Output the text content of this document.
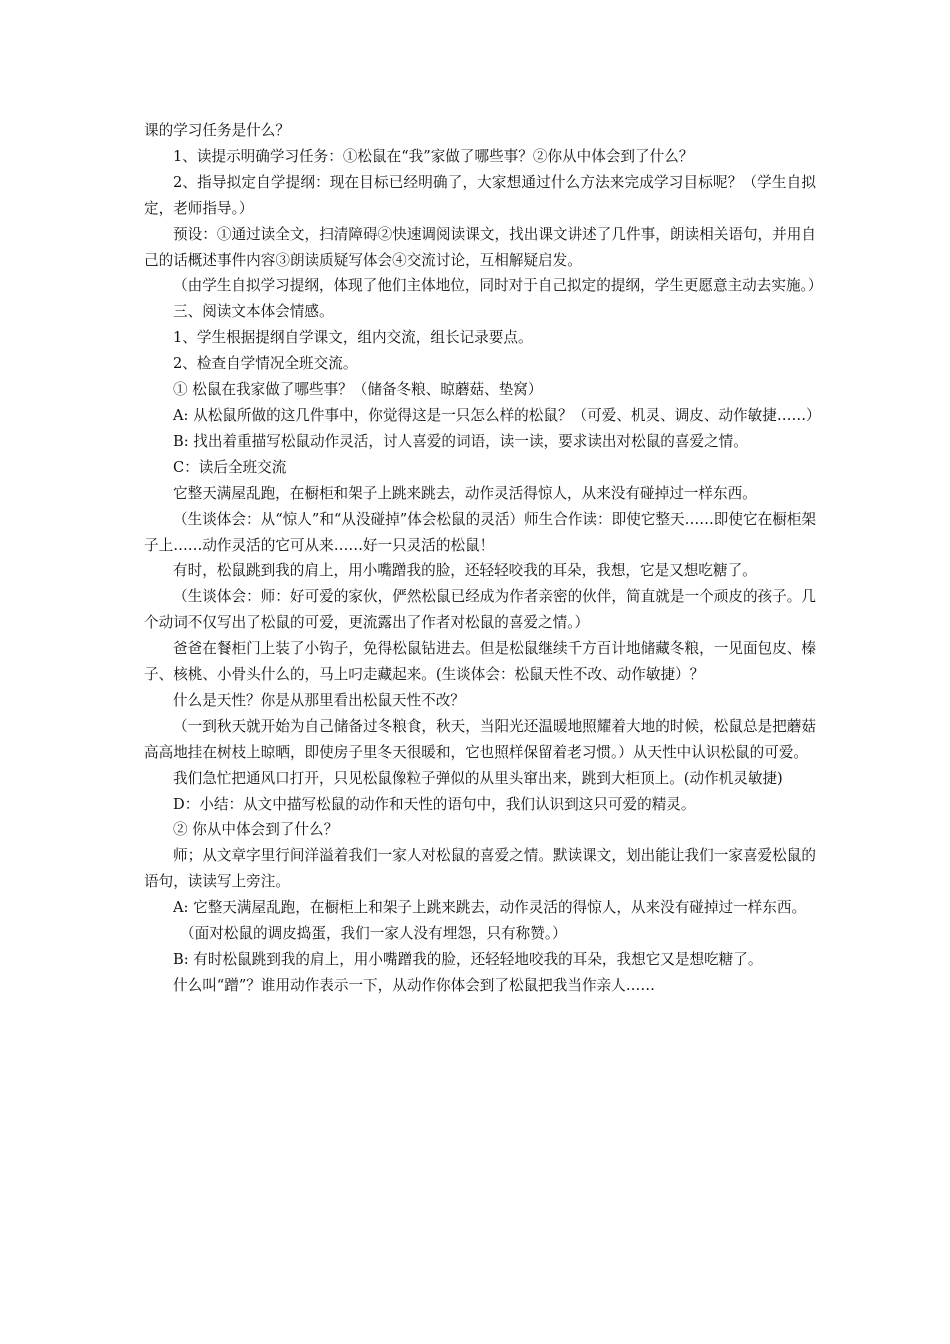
课的学习任务是什么？

1、读提示明确学习任务：①松鼠在“我”家做了哪些事？②你从中体会到了什么？

2、指导拟定自学提纲：现在目标已经明确了，大家想通过什么方法来完成学习目标呢？（学生自拟定，老师指导。）

预设：①通过读全文，扫清障碍②快速调阅读课文，找出课文讲述了几件事，朗读相关语句，并用自己的话概述事件内容③朗读质疑写体会④交流讨论，互相解疑启发。

（由学生自拟学习提纲，体现了他们主体地位，同时对于自己拟定的提纲，学生更愿意主动去实施。）

三、阅读文本体会情感。

1、学生根据提纲自学课文，组内交流，组长记录要点。

2、检查自学情况全班交流。

① 松鼠在我家做了哪些事？（储备冬粮、晾蘑菇、垫窝）

A: 从松鼠所做的这几件事中，你觉得这是一只怎么样的松鼠？（可爱、机灵、调皮、动作敏捷……）

B: 找出着重描写松鼠动作灵活，讨人喜爱的词语，读一读，要求读出对松鼠的喜爱之情。

C：读后全班交流

它整天满屋乱跑，在橱柜和架子上跳来跳去，动作灵活得惊人，从来没有碰掉过一样东西。

（生谈体会：从“惊人”和“从没碰掉”体会松鼠的灵活）师生合作读：即使它整天……即使它在橱柜架子上……动作灵活的它可从来……好一只灵活的松鼠！

有时，松鼠跳到我的肩上，用小嘴蹭我的脸，还轻轻咬我的耳朵，我想，它是又想吃糖了。

（生谈体会：师：好可爱的家伙，俨然松鼠已经成为作者亲密的伙伴，简直就是一个顽皮的孩子。几个动词不仅写出了松鼠的可爱，更流露出了作者对松鼠的喜爱之情。）

爸爸在餐柜门上装了小钩子，免得松鼠钻进去。但是松鼠继续千方百计地储藏冬粮，一见面包皮、榛子、核桃、小骨头什么的，马上叼走藏起来。(生谈体会：松鼠天性不改、动作敏捷）？

什么是天性？你是从那里看出松鼠天性不改？

（一到秋天就开始为自己储备过冬粮食，秋天，当阳光还温暖地照耀着大地的时候，松鼠总是把蘑菇高高地挂在树枝上晾晒，即使房子里冬天很暖和，它也照样保留着老习惯。）从天性中认识松鼠的可爱。

我们急忙把通风口打开，只见松鼠像粒子弹似的从里头窜出来，跳到大柜顶上。(动作机灵敏捷)

D：小结：从文中描写松鼠的动作和天性的语句中，我们认识到这只可爱的精灵。

② 你从中体会到了什么？

师；从文章字里行间洋溢着我们一家人对松鼠的喜爱之情。默读课文，划出能让我们一家喜爱松鼠的语句，读读写上旁注。

A: 它整天满屋乱跑，在橱柜上和架子上跳来跳去，动作灵活的得惊人，从来没有碰掉过一样东西。

（面对松鼠的调皮捣蛋，我们一家人没有埋怨，只有称赞。）

B: 有时松鼠跳到我的肩上，用小嘴蹭我的脸，还轻轻地咬我的耳朵，我想它又是想吃糖了。

什么叫“蹭”？谁用动作表示一下，从动作你体会到了松鼠把我当作亲人……
